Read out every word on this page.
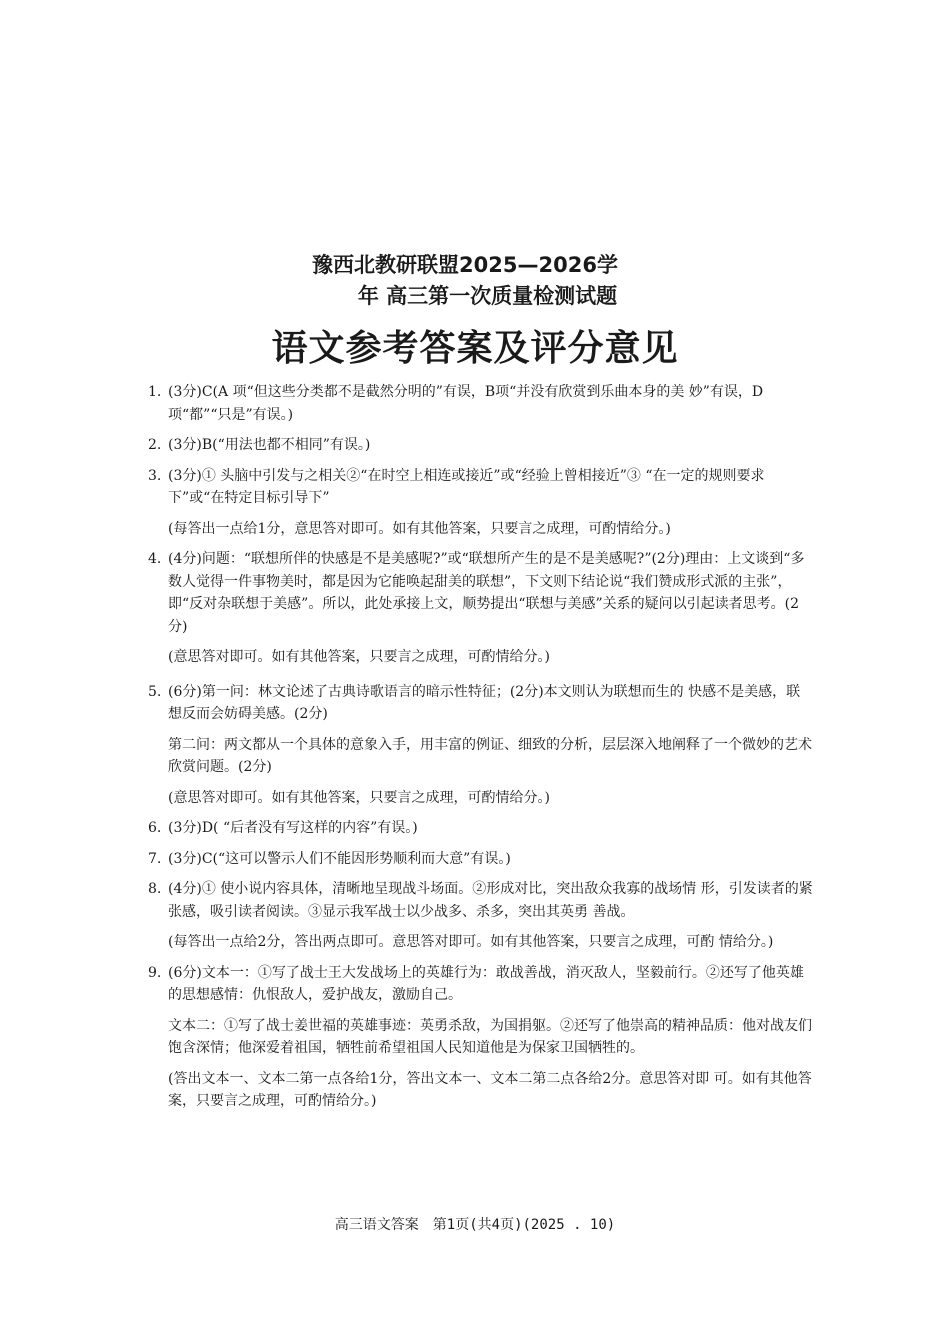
豫西北教研联盟2025—2026学
年 高三第一次质量检测试题
语文参考答案及评分意见
1. (3分)C(A 项“但这些分类都不是截然分明的”有误，B项“并没有欣赏到乐曲本身的美 妙”有误，D项“都”“只是”有误。)
2. (3分)B(“用法也都不相同”有误。)
3. (3分)① 头脑中引发与之相关②“在时空上相连或接近”或“经验上曾相接近”③ “在一定的规则要求下”或“在特定目标引导下”
(每答出一点给1分，意思答对即可。如有其他答案，只要言之成理，可酌情给分。)
4. (4分)问题：“联想所伴的快感是不是美感呢?”或“联想所产生的是不是美感呢?”(2分)理由：上文谈到“多数人觉得一件事物美时，都是因为它能唤起甜美的联想”，下文则下结论说“我们赞成形式派的主张”，即“反对杂联想于美感”。所以，此处承接上文，顺势提出“联想与美感”关系的疑问以引起读者思考。(2分)
(意思答对即可。如有其他答案，只要言之成理，可酌情给分。)
5. (6分)第一问：林文论述了古典诗歌语言的暗示性特征；(2分)本文则认为联想而生的 快感不是美感，联想反而会妨碍美感。(2分)
第二问：两文都从一个具体的意象入手，用丰富的例证、细致的分析，层层深入地阐释了一个微妙的艺术欣赏问题。(2分)
(意思答对即可。如有其他答案，只要言之成理，可酌情给分。)
6. (3分)D( “后者没有写这样的内容”有误。)
7. (3分)C(“这可以警示人们不能因形势顺利而大意”有误。)
8. (4分)① 使小说内容具体，清晰地呈现战斗场面。②形成对比，突出敌众我寡的战场情 形，引发读者的紧张感，吸引读者阅读。③显示我军战士以少战多、杀多，突出其英勇 善战。
(每答出一点给2分，答出两点即可。意思答对即可。如有其他答案，只要言之成理，可酌 情给分。)
9. (6分)文本一：①写了战士王大发战场上的英雄行为：敢战善战，消灭敌人，坚毅前行。②还写了他英雄的思想感情：仇恨敌人，爱护战友，激励自己。
文本二：①写了战士姜世福的英雄事迹：英勇杀敌，为国捐躯。②还写了他崇高的精神品质：他对战友们饱含深情；他深爱着祖国，牺牲前希望祖国人民知道他是为保家卫国牺牲的。
(答出文本一、文本二第一点各给1分，答出文本一、文本二第二点各给2分。意思答对即 可。如有其他答案，只要言之成理，可酌情给分。)
高三语文答案　第1页(共4页)(2025 . 10)
